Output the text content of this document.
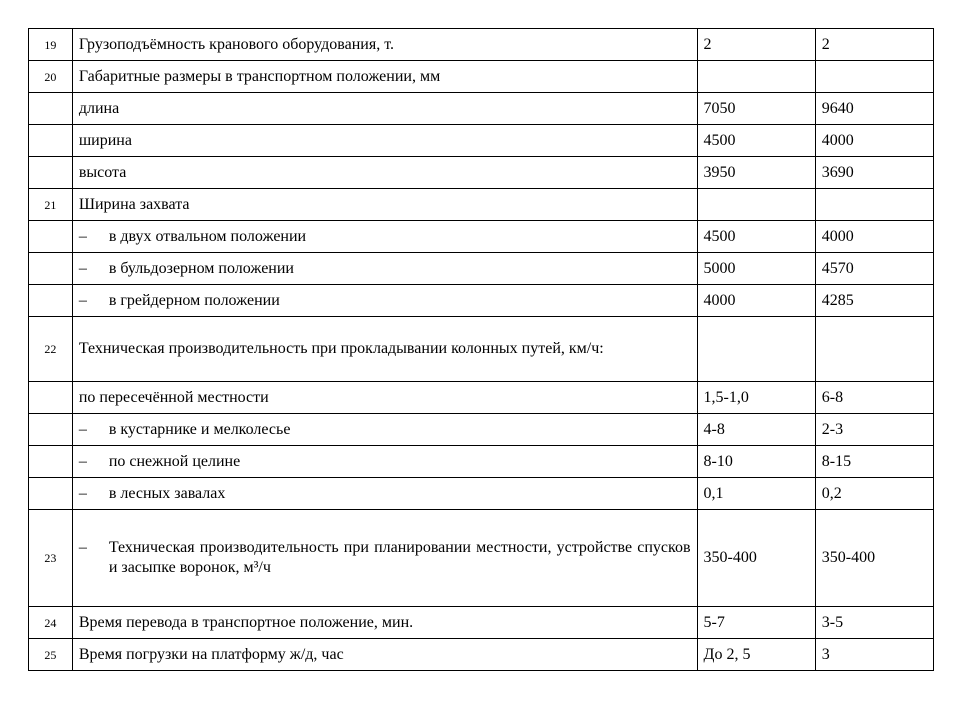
19	Грузоподъёмность кранового оборудования, т.	2	2
20	Габаритные размеры в транспортном положении, мм		
	длина	7050	9640
	ширина	4500	4000
	высота	3950	3690
21	Ширина захвата		

	– в двух отвальном положении	4500	4000

	– в бульдозерном положении	5000	4570

	– в грейдерном положении	4000	4285
22	Техническая производительность при прокладывании колонных путей, км/ч:		
	по пересечённой местности	1,5-1,0	6-8

	– в кустарнике и мелколесье	4-8	2-3

	– по снежной целине	8-10	8-15

	– в лесных завалах	0,1	0,2
23	– Техническая производительность при планировании местности, устройстве спусков и засыпке воронок, м³/ч	350-400	350-400
24	Время перевода в транспортное положение, мин.	5-7	3-5
25	Время погрузки на платформу ж/д, час	До 2, 5	3
